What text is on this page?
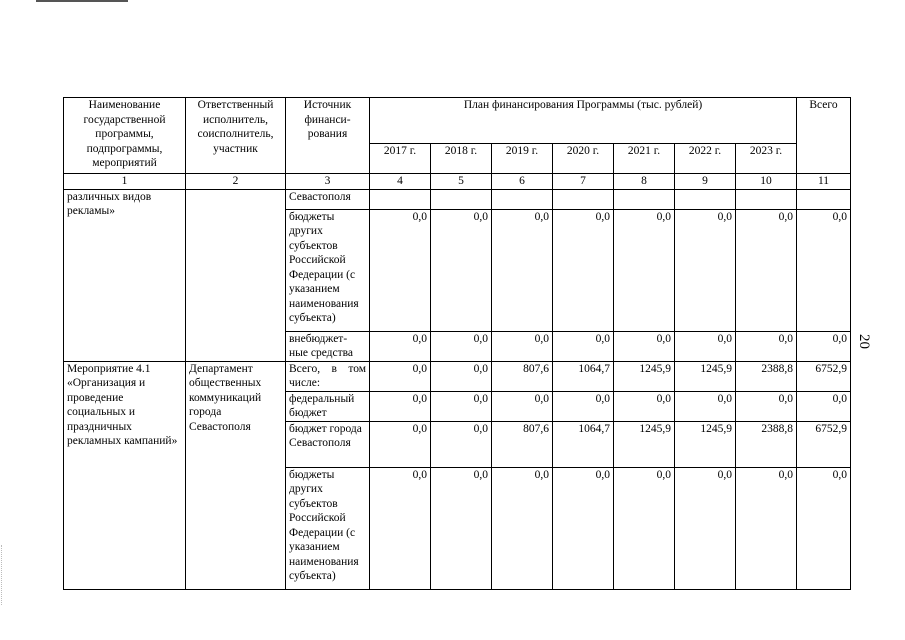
Наименование государственной программы, подпрограммы, мероприятий	Ответственный исполнитель, соисполнитель, участник	Источник финанси-рования	План финансирования Программы (тыс. рублей)							Всего
			2017 г.	2018 г.	2019 г.	2020 г.	2021 г.	2022 г.	2023 г.	
1	2	3	4	5	6	7	8	9	10	11
различных видов рекламы»		Севастополя								
		бюджеты других субъектов Российской Федерации (с указанием наименования субъекта)	0,0	0,0	0,0	0,0	0,0	0,0	0,0	0,0
		внебюджет-ные средства	0,0	0,0	0,0	0,0	0,0	0,0	0,0	0,0
Мероприятие 4.1 «Организация и проведение социальных и праздничных рекламных кампаний»	Департамент общественных коммуникаций города Севастополя	Всего, в том числе:	0,0	0,0	807,6	1064,7	1245,9	1245,9	2388,8	6752,9
		федеральный бюджет	0,0	0,0	0,0	0,0	0,0	0,0	0,0	0,0
		бюджет города Севастополя	0,0	0,0	807,6	1064,7	1245,9	1245,9	2388,8	6752,9
		бюджеты других субъектов Российской Федерации (с указанием наименования субъекта)	0,0	0,0	0,0	0,0	0,0	0,0	0,0	0,0
20
